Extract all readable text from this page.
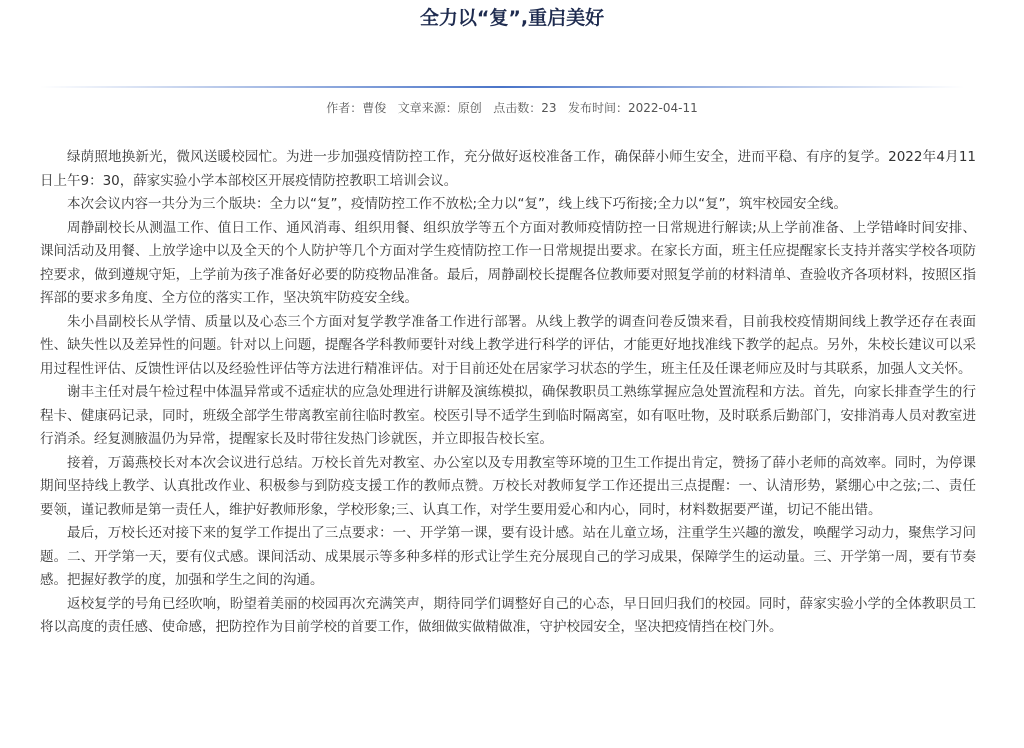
全力以“复”,重启美好
作者：曹俊 文章来源：原创 点击数：23 发布时间：2022-04-11

绿荫照地换新光，微风送暖校园忙。为进一步加强疫情防控工作，充分做好返校准备工作，确保薛小师生安全，进而平稳、有序的复学。2022年4月11日上午9：30，薛家实验小学本部校区开展疫情防控教职工培训会议。

本次会议内容一共分为三个版块：全力以“复”，疫情防控工作不放松;全力以“复”，线上线下巧衔接;全力以“复”，筑牢校园安全线。

周静副校长从测温工作、值日工作、通风消毒、组织用餐、组织放学等五个方面对教师疫情防控一日常规进行解读;从上学前准备、上学错峰时间安排、课间活动及用餐、上放学途中以及全天的个人防护等几个方面对学生疫情防控工作一日常规提出要求。在家长方面，班主任应提醒家长支持并落实学校各项防控要求，做到遵规守矩，上学前为孩子准备好必要的防疫物品准备。最后，周静副校长提醒各位教师要对照复学前的材料清单、查验收齐各项材料，按照区指挥部的要求多角度、全方位的落实工作，坚决筑牢防疫安全线。

朱小昌副校长从学情、质量以及心态三个方面对复学教学准备工作进行部署。从线上教学的调查问卷反馈来看，目前我校疫情期间线上教学还存在表面性、缺失性以及差异性的问题。针对以上问题，提醒各学科教师要针对线上教学进行科学的评估，才能更好地找准线下教学的起点。另外，朱校长建议可以采用过程性评估、反馈性评估以及经验性评估等方法进行精准评估。对于目前还处在居家学习状态的学生，班主任及任课老师应及时与其联系，加强人文关怀。

谢丰主任对晨午检过程中体温异常或不适症状的应急处理进行讲解及演练模拟，确保教职员工熟练掌握应急处置流程和方法。首先，向家长排查学生的行程卡、健康码记录，同时，班级全部学生带离教室前往临时教室。校医引导不适学生到临时隔离室，如有呕吐物，及时联系后勤部门，安排消毒人员对教室进行消杀。经复测腋温仍为异常，提醒家长及时带往发热门诊就医，并立即报告校长室。

接着，万蔼燕校长对本次会议进行总结。万校长首先对教室、办公室以及专用教室等环境的卫生工作提出肯定，赞扬了薛小老师的高效率。同时，为停课期间坚持线上教学、认真批改作业、积极参与到防疫支援工作的教师点赞。万校长对教师复学工作还提出三点提醒：一、认清形势，紧绷心中之弦;二、责任要领，谨记教师是第一责任人，维护好教师形象，学校形象;三、认真工作，对学生要用爱心和内心，同时，材料数据要严谨，切记不能出错。

最后，万校长还对接下来的复学工作提出了三点要求：一、开学第一课，要有设计感。站在儿童立场，注重学生兴趣的激发，唤醒学习动力，聚焦学习问题。二、开学第一天，要有仪式感。课间活动、成果展示等多种多样的形式让学生充分展现自己的学习成果，保障学生的运动量。三、开学第一周，要有节奏感。把握好教学的度，加强和学生之间的沟通。

返校复学的号角已经吹响，盼望着美丽的校园再次充满笑声，期待同学们调整好自己的心态，早日回归我们的校园。同时，薛家实验小学的全体教职员工将以高度的责任感、使命感，把防控作为目前学校的首要工作，做细做实做精做准，守护校园安全，坚决把疫情挡在校门外。
